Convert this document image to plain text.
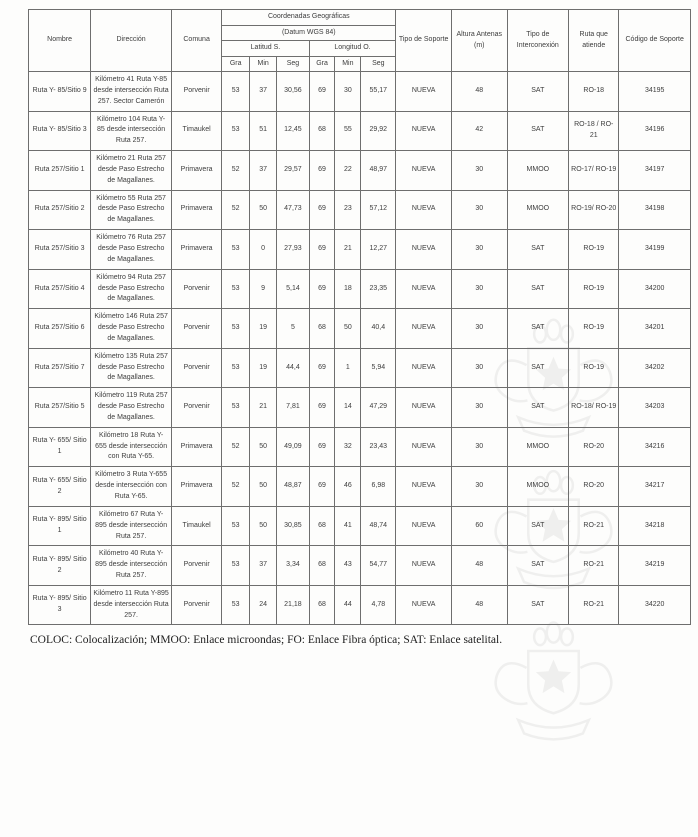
Nombre	Dirección	Comuna	Coordenadas Geográficas						Tipo de Soporte	Altura Antenas (m)	Tipo de Interconexión	Ruta que atiende	Código de Soporte
			(Datum WGS 84)										
			Latitud S.			Longitud O.							
			Gra	Min	Seg	Gra	Min	Seg					
Ruta Y- 85/Sitio 9	Kilómetro 41 Ruta Y-85 desde intersección Ruta 257. Sector Camerón	Porvenir	53	37	30,56	69	30	55,17	NUEVA	48	SAT	RO-18	34195
Ruta Y- 85/Sitio 3	Kilómetro 104 Ruta Y-85 desde intersección Ruta 257.	Timaukel	53	51	12,45	68	55	29,92	NUEVA	42	SAT	RO-18 / RO-21	34196
Ruta 257/Sitio 1	Kilómetro 21 Ruta 257 desde Paso Estrecho de Magallanes.	Primavera	52	37	29,57	69	22	48,97	NUEVA	30	MMOO	RO-17/ RO-19	34197
Ruta 257/Sitio 2	Kilómetro 55 Ruta 257 desde Paso Estrecho de Magallanes.	Primavera	52	50	47,73	69	23	57,12	NUEVA	30	MMOO	RO-19/ RO-20	34198
Ruta 257/Sitio 3	Kilómetro 76 Ruta 257 desde Paso Estrecho de Magallanes.	Primavera	53	0	27,93	69	21	12,27	NUEVA	30	SAT	RO-19	34199
Ruta 257/Sitio 4	Kilómetro 94 Ruta 257 desde Paso Estrecho de Magallanes.	Porvenir	53	9	5,14	69	18	23,35	NUEVA	30	SAT	RO-19	34200
Ruta 257/Sitio 6	Kilómetro 146 Ruta 257 desde Paso Estrecho de Magallanes.	Porvenir	53	19	5	68	50	40,4	NUEVA	30	SAT	RO-19	34201
Ruta 257/Sitio 7	Kilómetro 135 Ruta 257 desde Paso Estrecho de Magallanes.	Porvenir	53	19	44,4	69	1	5,94	NUEVA	30	SAT	RO-19	34202
Ruta 257/Sitio 5	Kilómetro 119 Ruta 257 desde Paso Estrecho de Magallanes.	Porvenir	53	21	7,81	69	14	47,29	NUEVA	30	SAT	RO-18/ RO-19	34203
Ruta Y- 655/ Sitio 1	Kilómetro 18 Ruta Y-655 desde intersección con Ruta Y-65.	Primavera	52	50	49,09	69	32	23,43	NUEVA	30	MMOO	RO-20	34216
Ruta Y- 655/ Sitio 2	Kilómetro 3 Ruta Y-655 desde intersección con Ruta Y-65.	Primavera	52	50	48,87	69	46	6,98	NUEVA	30	MMOO	RO-20	34217
Ruta Y- 895/ Sitio 1	Kilómetro 67 Ruta Y-895 desde intersección Ruta 257.	Timaukel	53	50	30,85	68	41	48,74	NUEVA	60	SAT	RO-21	34218
Ruta Y- 895/ Sitio 2	Kilómetro 40 Ruta Y-895 desde intersección Ruta 257.	Porvenir	53	37	3,34	68	43	54,77	NUEVA	48	SAT	RO-21	34219
Ruta Y- 895/ Sitio 3	Kilómetro 11 Ruta Y-895 desde intersección Ruta 257.	Porvenir	53	24	21,18	68	44	4,78	NUEVA	48	SAT	RO-21	34220

COLOC: Colocalización; MMOO: Enlace microondas; FO: Enlace Fibra óptica; SAT: Enlace satelital.
